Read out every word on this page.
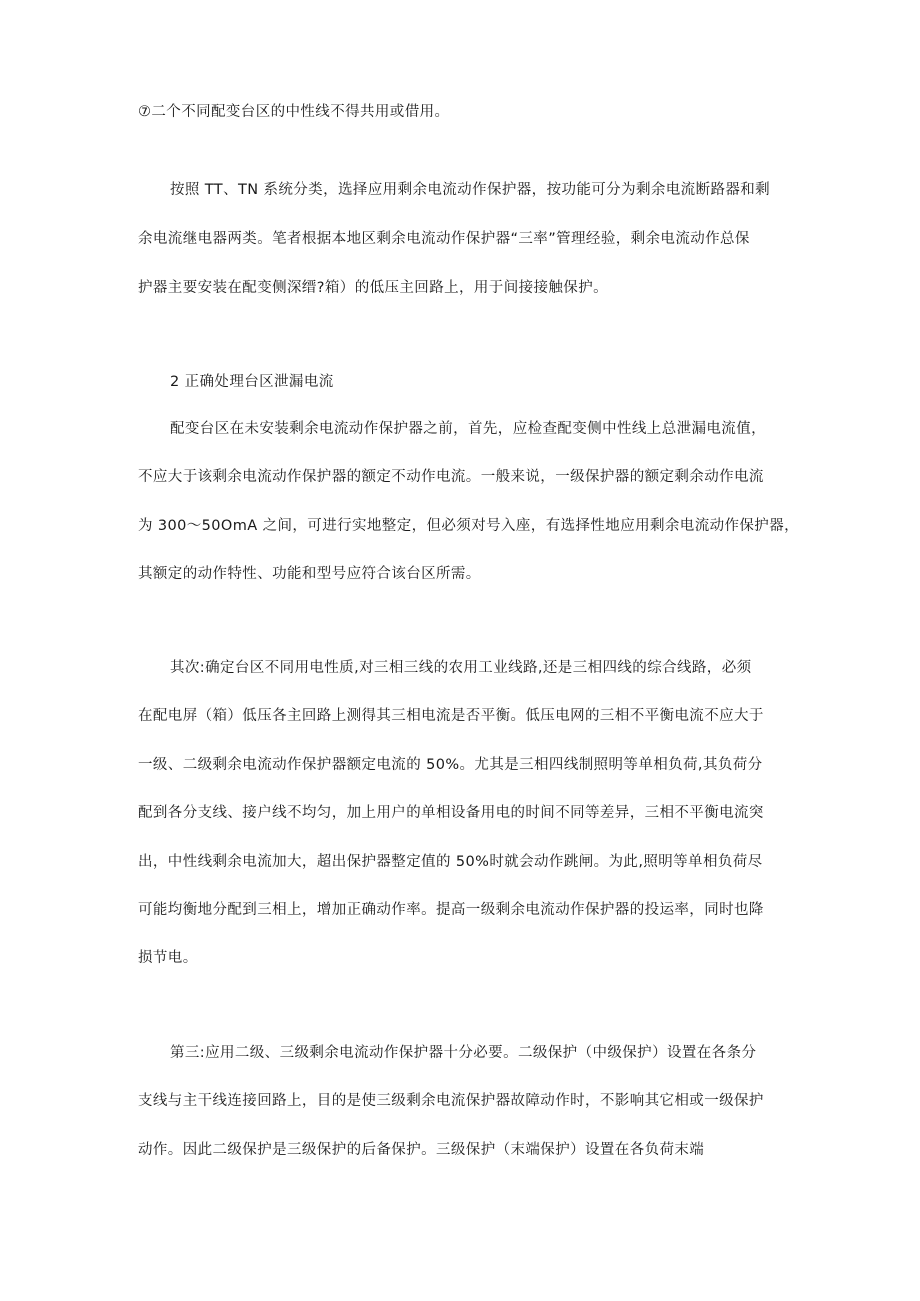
⑦二个不同配变台区的中性线不得共用或借用。
按照 TT、TN 系统分类，选择应用剩余电流动作保护器，按功能可分为剩余电流断路器和剩
余电流继电器两类。笔者根据本地区剩余电流动作保护器“三率”管理经验，剩余电流动作总保
护器主要安装在配变侧深缙?箱）的低压主回路上，用于间接接触保护。
2 正确处理台区泄漏电流
配变台区在未安装剩余电流动作保护器之前，首先，应检查配变侧中性线上总泄漏电流值，
不应大于该剩余电流动作保护器的额定不动作电流。一般来说，一级保护器的额定剩余动作电流
为 300～50OmA 之间，可进行实地整定，但必须对号入座，有选择性地应用剩余电流动作保护器，
其额定的动作特性、功能和型号应符合该台区所需。
其次:确定台区不同用电性质,对三相三线的农用工业线路,还是三相四线的综合线路，必须
在配电屏（箱）低压各主回路上测得其三相电流是否平衡。低压电网的三相不平衡电流不应大于
一级、二级剩余电流动作保护器额定电流的 50%。尤其是三相四线制照明等单相负荷,其负荷分
配到各分支线、接户线不均匀，加上用户的单相设备用电的时间不同等差异，三相不平衡电流突
出，中性线剩余电流加大，超出保护器整定值的 50%时就会动作跳闸。为此,照明等单相负荷尽
可能均衡地分配到三相上，增加正确动作率。提高一级剩余电流动作保护器的投运率，同时也降
损节电。
第三:应用二级、三级剩余电流动作保护器十分必要。二级保护（中级保护）设置在各条分
支线与主干线连接回路上，目的是使三级剩余电流保护器故障动作时，不影响其它相或一级保护
动作。因此二级保护是三级保护的后备保护。三级保护（末端保护）设置在各负荷末端
